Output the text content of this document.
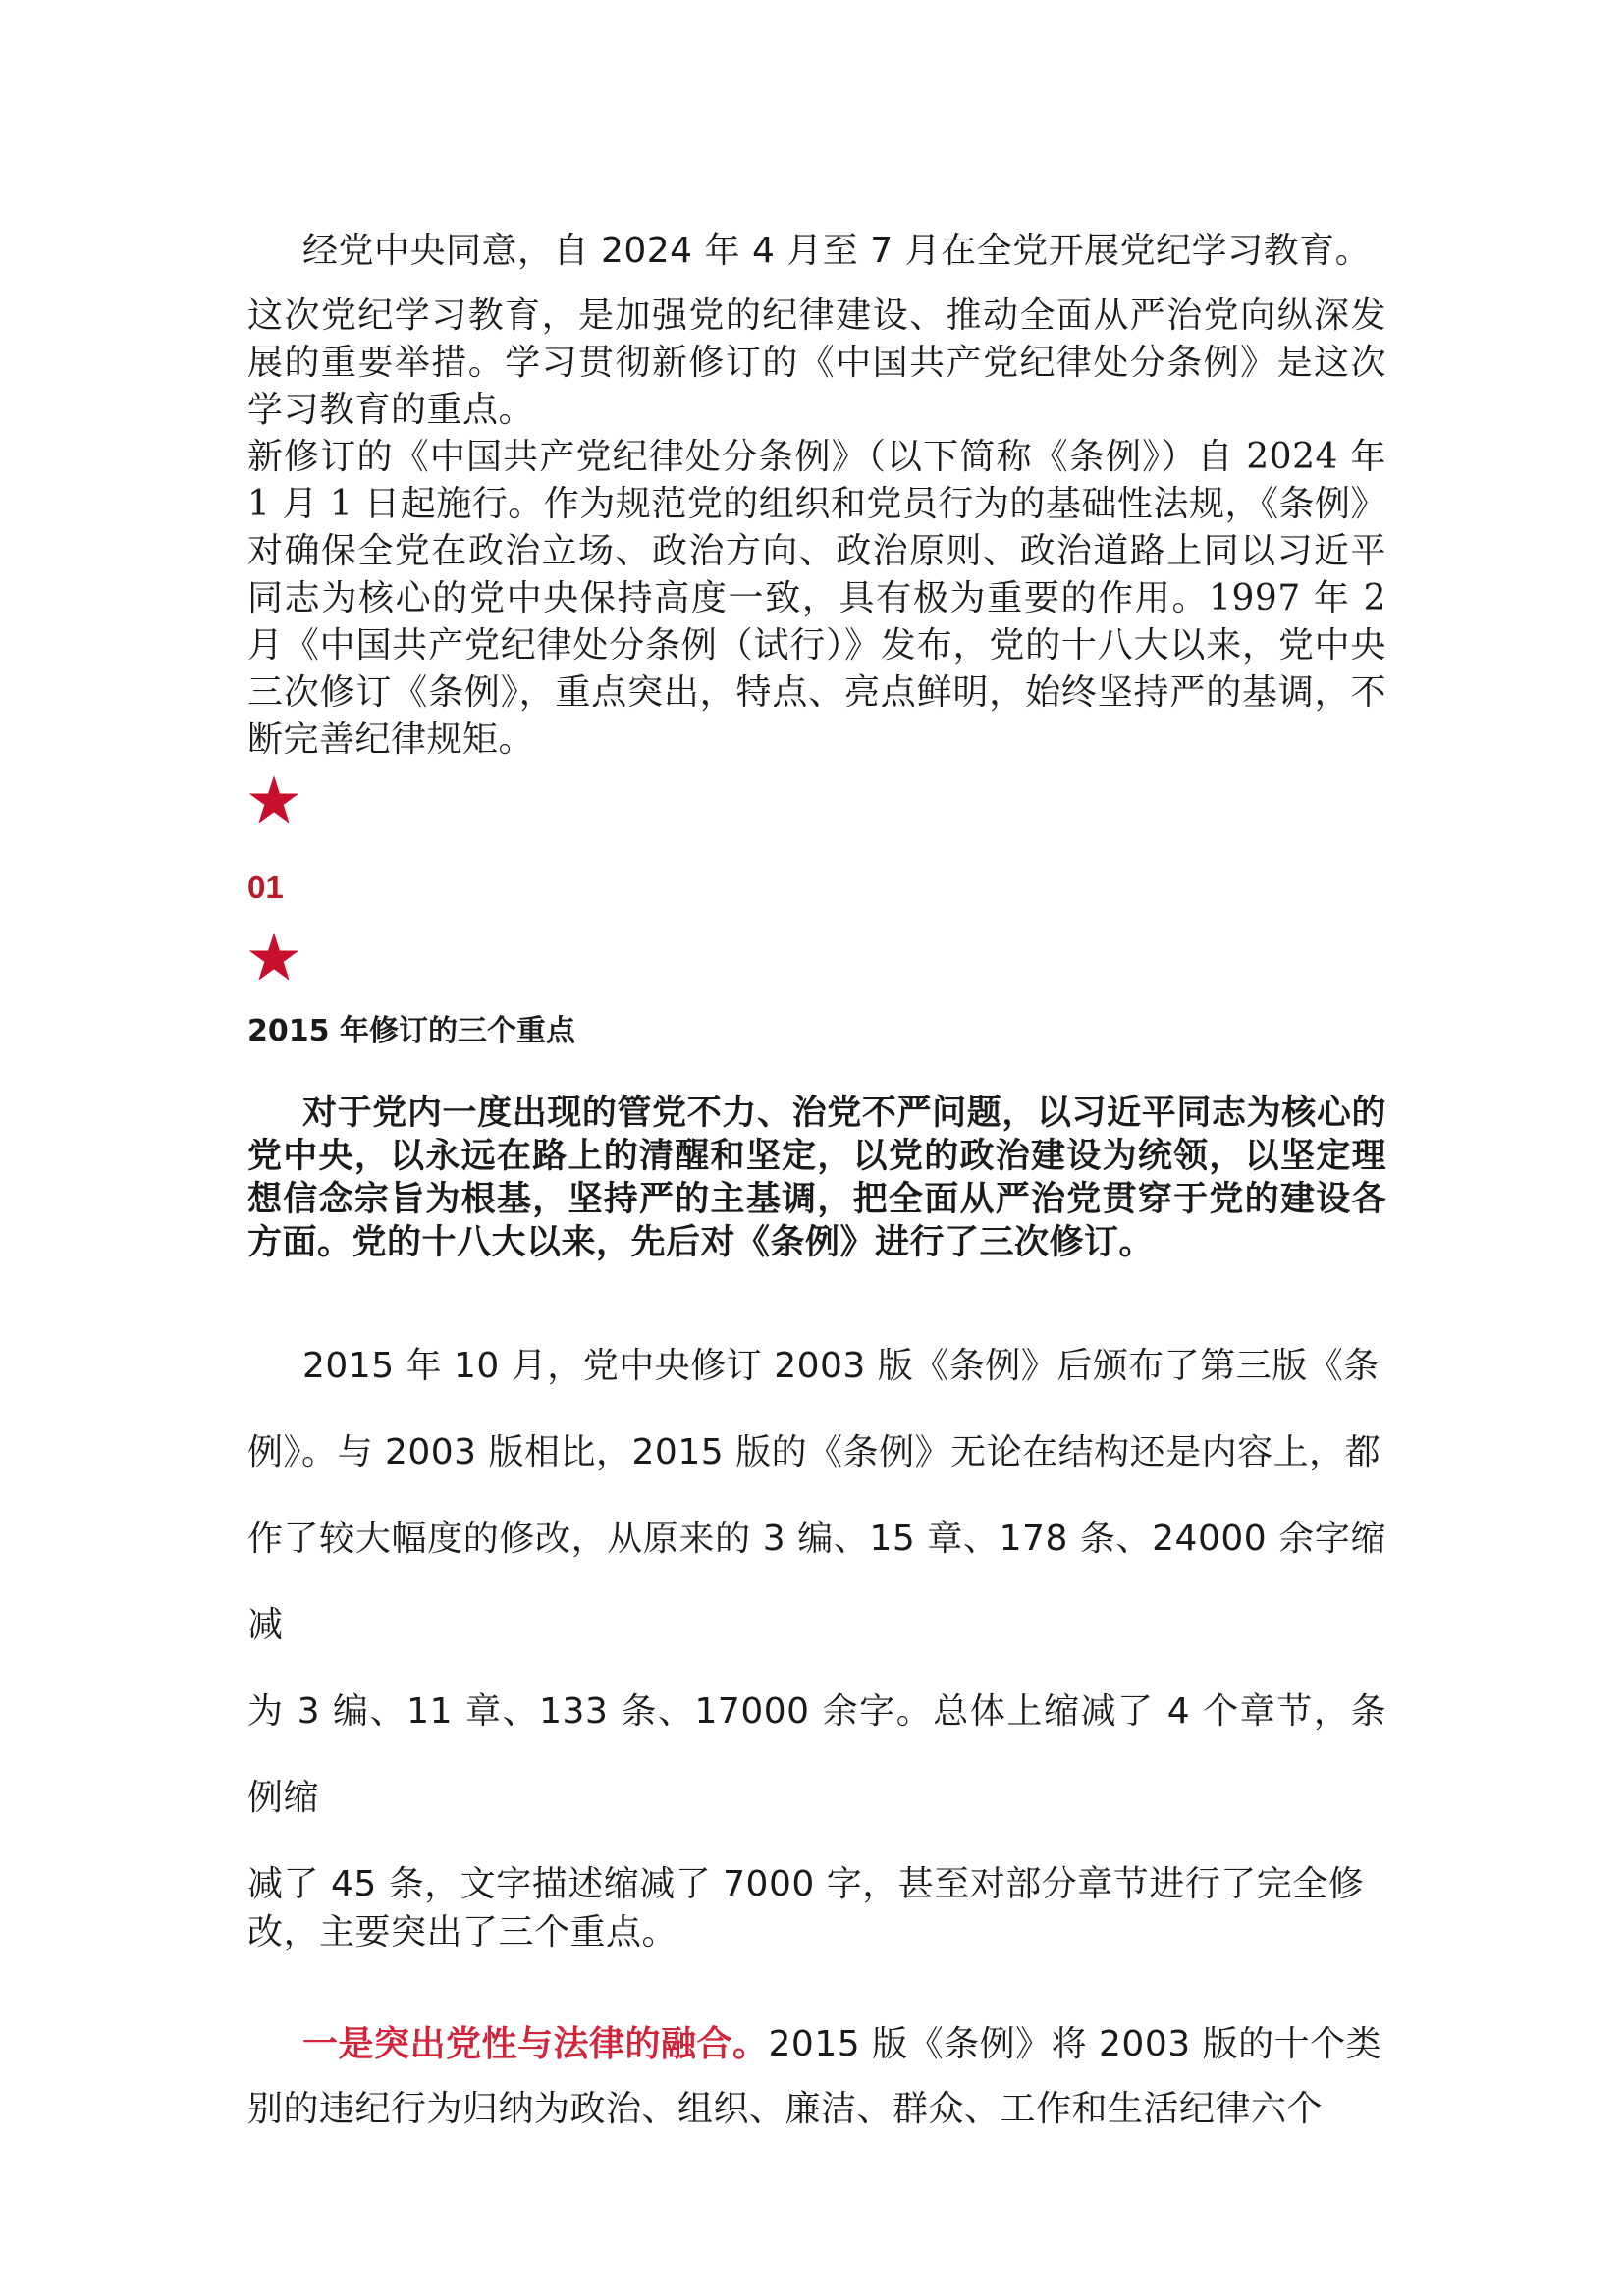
经党中央同意，自 2024 年 4 月至 7 月在全党开展党纪学习教育。

这次党纪学习教育，是加强党的纪律建设、推动全面从严治党向纵深发展的重要举措。学习贯彻新修订的《中国共产党纪律处分条例》是这次学习教育的重点。

新修订的《中国共产党纪律处分条例》（以下简称《条例》）自 2024 年 1 月 1 日起施行。作为规范党的组织和党员行为的基础性法规，《条例》对确保全党在政治立场、政治方向、政治原则、政治道路上同以习近平同志为核心的党中央保持高度一致，具有极为重要的作用。1997 年 2 月《中国共产党纪律处分条例（试行）》发布，党的十八大以来，党中央三次修订《条例》，重点突出，特点、亮点鲜明，始终坚持严的基调，不断完善纪律规矩。

01
2015 年修订的三个重点

对于党内一度出现的管党不力、治党不严问题，以习近平同志为核心的党中央，以永远在路上的清醒和坚定，以党的政治建设为统领，以坚定理想信念宗旨为根基，坚持严的主基调，把全面从严治党贯穿于党的建设各方面。党的十八大以来，先后对《条例》进行了三次修订。

2015 年 10 月，党中央修订 2003 版《条例》后颁布了第三版《条
例》。与 2003 版相比，2015 版的《条例》无论在结构还是内容上，都
作了较大幅度的修改，从原来的 3 编、15 章、178 条、24000 余字缩减
为 3 编、11 章、133 条、17000 余字。总体上缩减了 4 个章节，条例缩
减了 45 条，文字描述缩减了 7000 字，甚至对部分章节进行了完全修
改，主要突出了三个重点。
一是突出党性与法律的融合。2015 版《条例》将 2003 版的十个类
别的违纪行为归纳为政治、组织、廉洁、群众、工作和生活纪律六个
